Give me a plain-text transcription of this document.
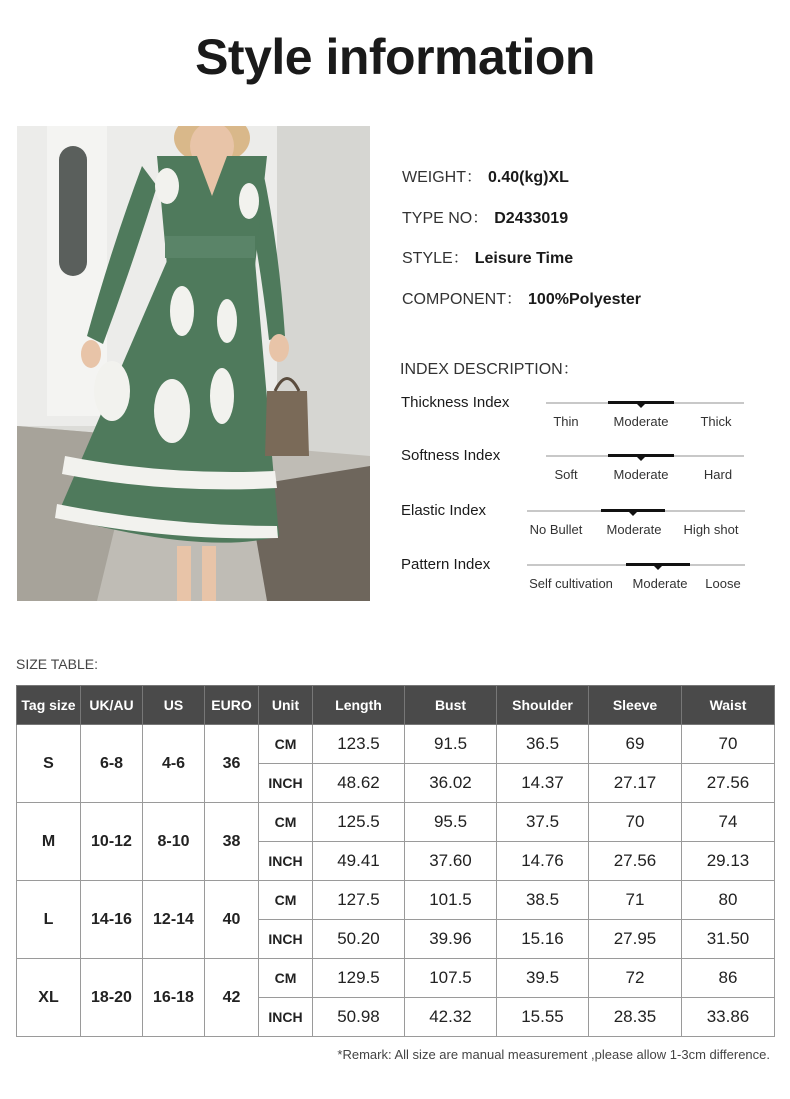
Style information
WEIGHT： 0.40(kg)XL
TYPE NO： D2433019
STYLE： Leisure Time
COMPONENT： 100%Polyester
INDEX DESCRIPTION：
Thickness Index
Thin	Moderate Thick
Softness Index
Soft	Moderate	Hard
Elastic Index
No Bullet Moderate High shot
Pattern Index
Self cultivation Moderate Loose
SIZE TABLE:
Tag size	UK/AU	US	EURO	Unit	Length	Bust	Shoulder	Sleeve	Waist
S	6-8	4-6	36	CM	123.5	91.5	36.5	69	70
				INCH	48.62	36.02	14.37	27.17	27.56
M	10-12	8-10	38	CM	125.5	95.5	37.5	70	74
				INCH	49.41	37.60	14.76	27.56	29.13
L	14-16	12-14	40	CM	127.5	101.5	38.5	71	80
				INCH	50.20	39.96	15.16	27.95	31.50
XL	18-20	16-18	42	CM	129.5	107.5	39.5	72	86
				INCH	50.98	42.32	15.55	28.35	33.86
*Remark: All size are manual measurement ,please allow 1-3cm difference.
